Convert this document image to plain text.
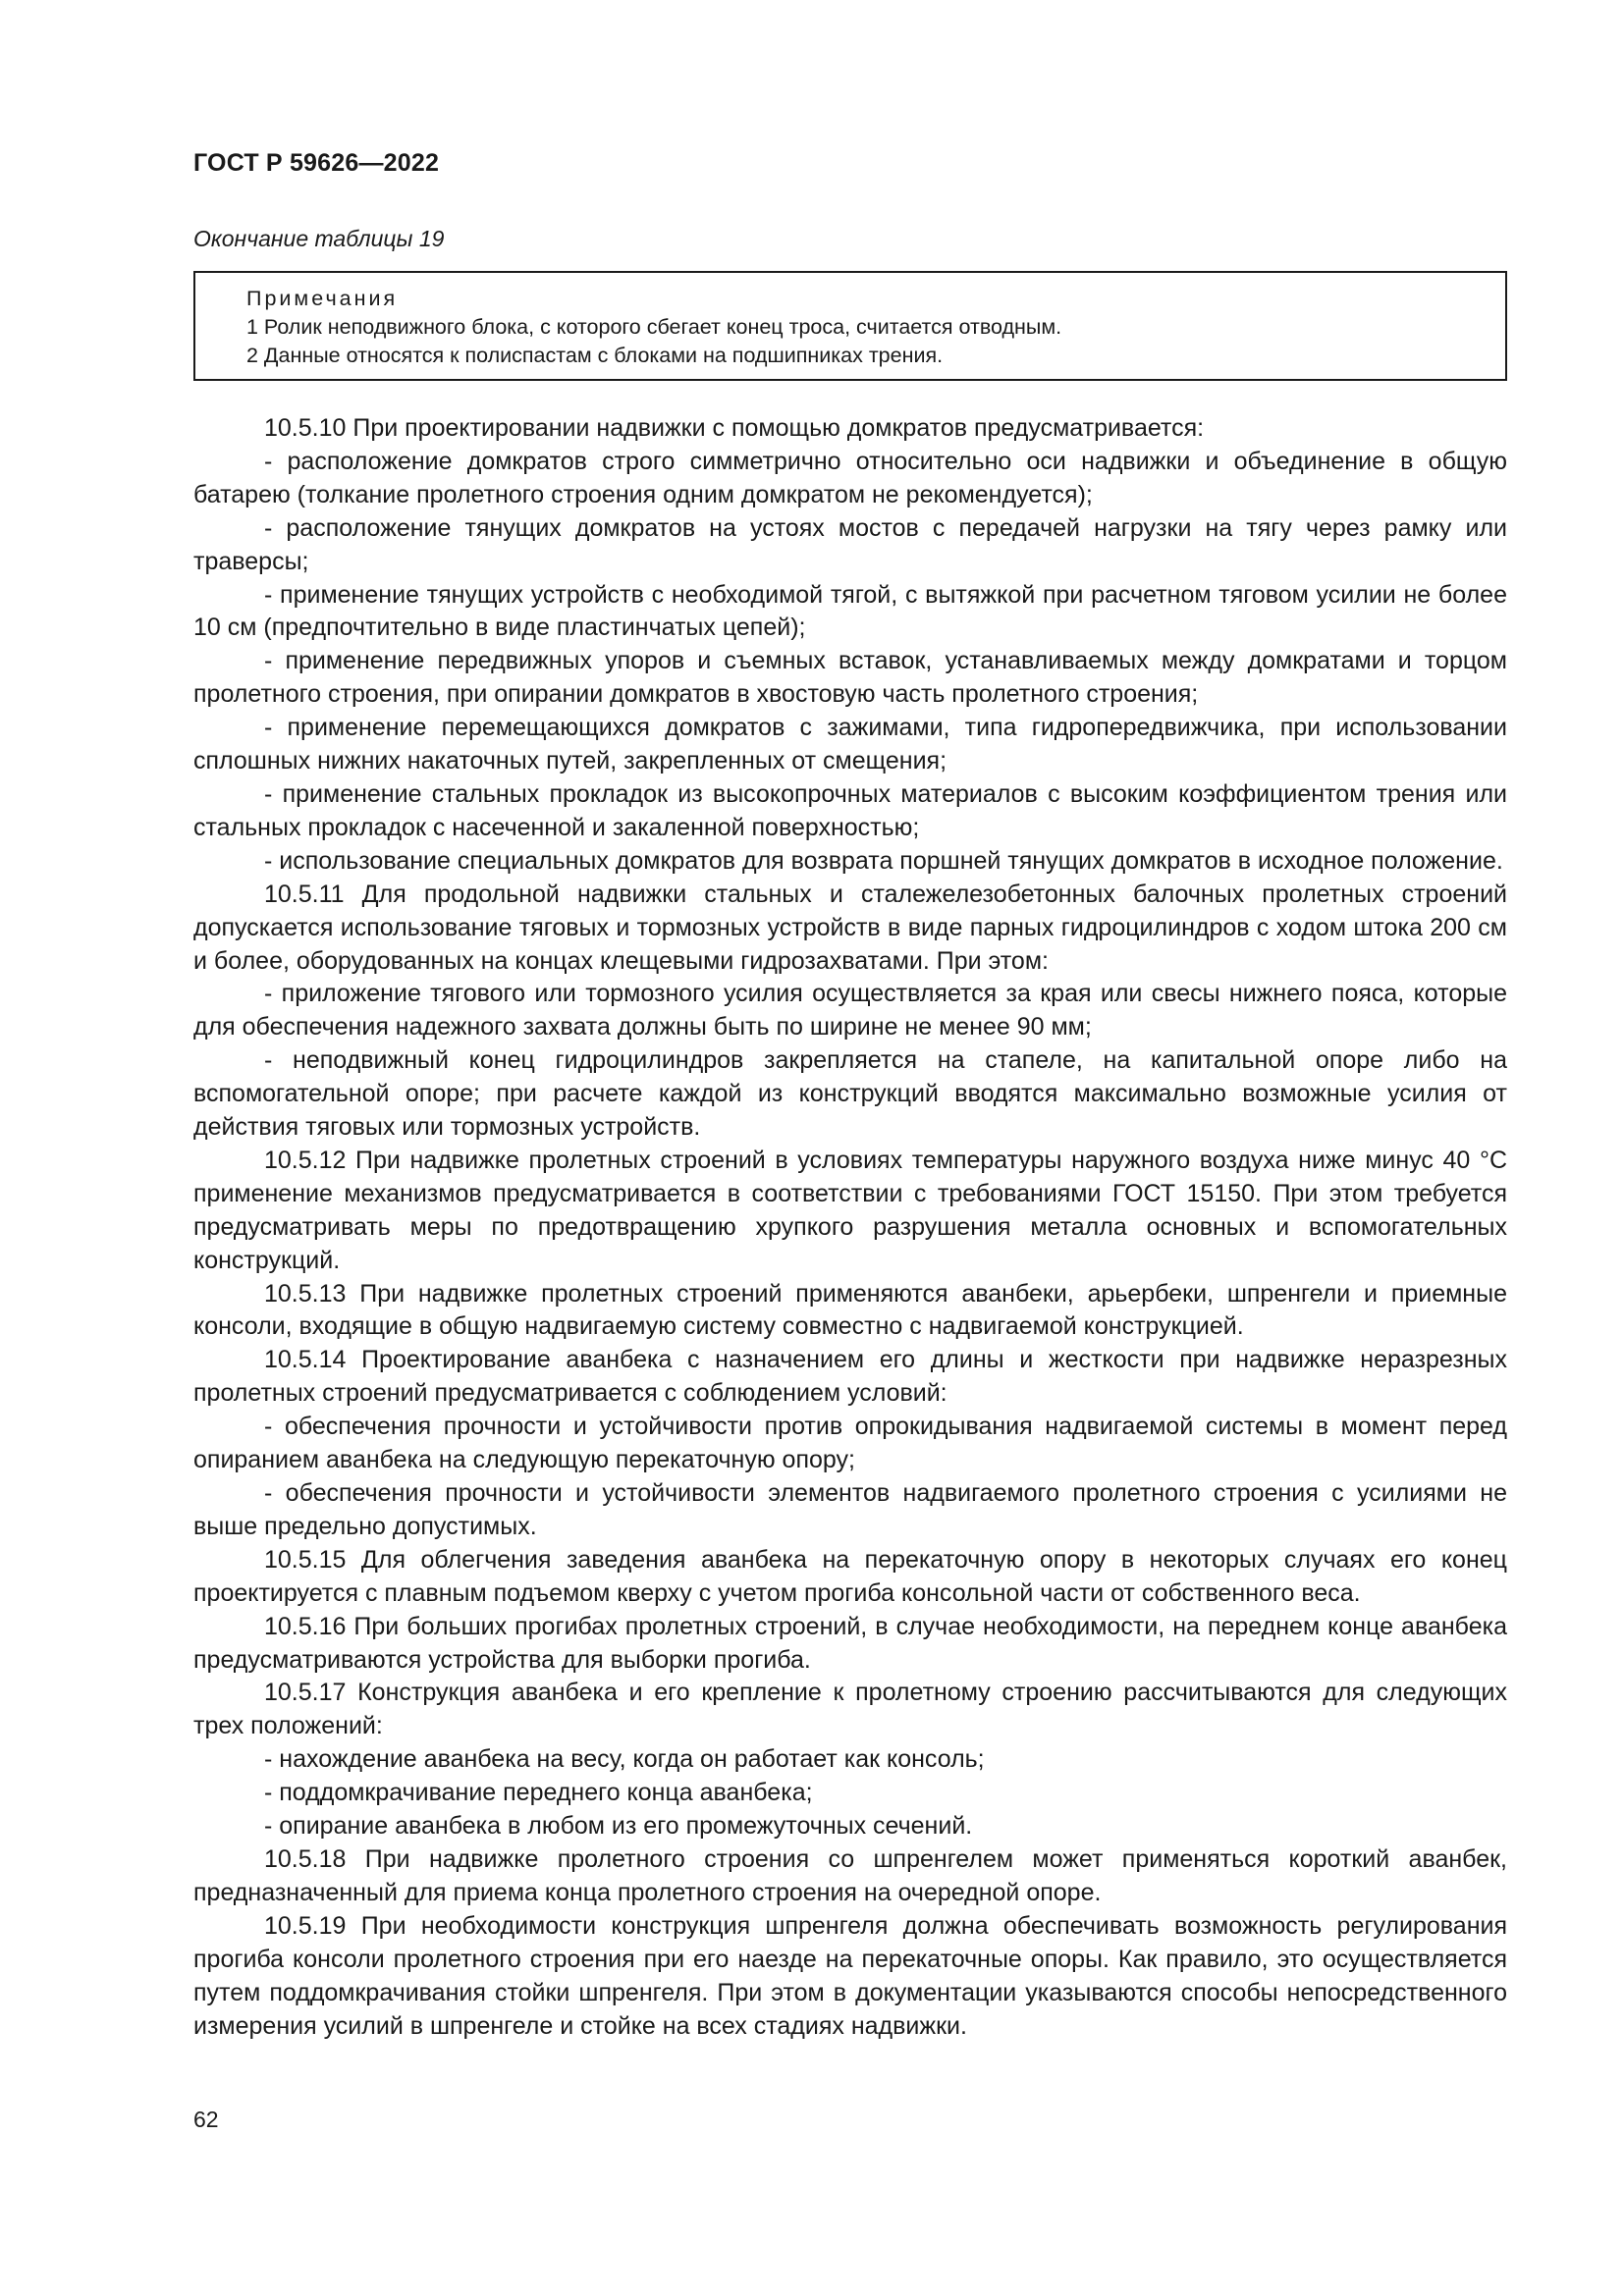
ГОСТ Р 59626—2022
Окончание таблицы 19
Примечания
1 Ролик неподвижного блока, с которого сбегает конец троса, считается отводным.
2 Данные относятся к полиспастам с блоками на подшипниках трения.

10.5.10 При проектировании надвижки с помощью домкратов предусматривается:

- расположение домкратов строго симметрично относительно оси надвижки и объединение в общую батарею (толкание пролетного строения одним домкратом не рекомендуется);

- расположение тянущих домкратов на устоях мостов с передачей нагрузки на тягу через рамку или траверсы;

- применение тянущих устройств с необходимой тягой, с вытяжкой при расчетном тяговом усилии не более 10 см (предпочтительно в виде пластинчатых цепей);

- применение передвижных упоров и съемных вставок, устанавливаемых между домкратами и торцом пролетного строения, при опирании домкратов в хвостовую часть пролетного строения;

- применение перемещающихся домкратов с зажимами, типа гидропередвижчика, при использовании сплошных нижних накаточных путей, закрепленных от смещения;

- применение стальных прокладок из высокопрочных материалов с высоким коэффициентом трения или стальных прокладок с насеченной и закаленной поверхностью;

- использование специальных домкратов для возврата поршней тянущих домкратов в исходное положение.

10.5.11 Для продольной надвижки стальных и сталежелезобетонных балочных пролетных строений допускается использование тяговых и тормозных устройств в виде парных гидроцилиндров с ходом штока 200 см и более, оборудованных на концах клещевыми гидрозахватами. При этом:

- приложение тягового или тормозного усилия осуществляется за края или свесы нижнего пояса, которые для обеспечения надежного захвата должны быть по ширине не менее 90 мм;

- неподвижный конец гидроцилиндров закрепляется на стапеле, на капитальной опоре либо на вспомогательной опоре; при расчете каждой из конструкций вводятся максимально возможные усилия от действия тяговых или тормозных устройств.

10.5.12 При надвижке пролетных строений в условиях температуры наружного воздуха ниже минус 40 °С применение механизмов предусматривается в соответствии с требованиями ГОСТ 15150. При этом требуется предусматривать меры по предотвращению хрупкого разрушения металла основных и вспомогательных конструкций.

10.5.13 При надвижке пролетных строений применяются аванбеки, арьербеки, шпренгели и приемные консоли, входящие в общую надвигаемую систему совместно с надвигаемой конструкцией.

10.5.14 Проектирование аванбека с назначением его длины и жесткости при надвижке неразрезных пролетных строений предусматривается с соблюдением условий:

- обеспечения прочности и устойчивости против опрокидывания надвигаемой системы в момент перед опиранием аванбека на следующую перекаточную опору;

- обеспечения прочности и устойчивости элементов надвигаемого пролетного строения с усилиями не выше предельно допустимых.

10.5.15 Для облегчения заведения аванбека на перекаточную опору в некоторых случаях его конец проектируется с плавным подъемом кверху с учетом прогиба консольной части от собственного веса.

10.5.16 При больших прогибах пролетных строений, в случае необходимости, на переднем конце аванбека предусматриваются устройства для выборки прогиба.

10.5.17 Конструкция аванбека и его крепление к пролетному строению рассчитываются для следующих трех положений:

- нахождение аванбека на весу, когда он работает как консоль;

- поддомкрачивание переднего конца аванбека;

- опирание аванбека в любом из его промежуточных сечений.

10.5.18 При надвижке пролетного строения со шпренгелем может применяться короткий аванбек, предназначенный для приема конца пролетного строения на очередной опоре.

10.5.19 При необходимости конструкция шпренгеля должна обеспечивать возможность регулирования прогиба консоли пролетного строения при его наезде на перекаточные опоры. Как правило, это осуществляется путем поддомкрачивания стойки шпренгеля. При этом в документации указываются способы непосредственного измерения усилий в шпренгеле и стойке на всех стадиях надвижки.

62
